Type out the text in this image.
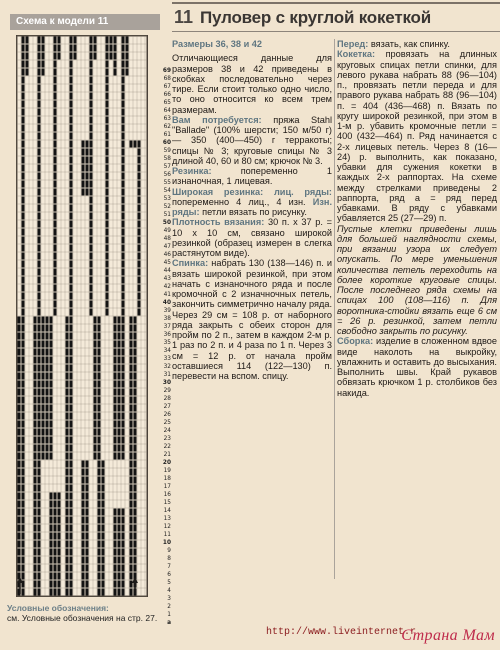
Схема к модели 11
69
68
67
66
65
64
63
62
61
60
59
58
57
56
55
54
53
52
51
50
49
48
47
46
45
44
43
42
41
40
39
38
37
36
35
34
33
32
31
30
29
28
27
26
25
24
23
22
21
20
19
18
17
16
15
14
13
12
11
10
9
8
7
6
5
4
3
2
1
a
Условные обозначения:
см. Условные обозначения на стр. 27.
11 Пуловер с круглой кокеткой
Размеры 36, 38 и 42

Отличающиеся данные для размеров 38 и 42 приведены в скобках последовательно через тире. Если стоит только одно число, то оно относится ко всем трем размерам.

Вам потребуется: пряжа Stahl "Ballade" (100% шерсти; 150 м/50 г) — 350 (400—450) г терракоты; спицы № 3; круговые спицы № 3 длиной 40, 60 и 80 см; крючок № 3.

Резинка:	попеременно 1 изнаночная, 1 лицевая.

Широкая резинка: лиц. ряды: попеременно 4 лиц., 4 изн. Изн. ряды: петли вязать по рисунку.

Плотность вязания: 30 п. х 37 р. = 10 х 10 см, связано широкой резинкой (образец измерен в слегка растянутом виде).

Спинка: набрать 130 (138—146) п. и вязать широкой резинкой, при этом начать с изнаночного ряда и после кромочной с 2 изначночных петель, закончить симметрично началу ряда. Через 29 см = 108 р. от наборного ряда закрыть с обеих сторон для пройм по 2 п., затем в каждом 2-м р. 1 раз по 2 п. и 4 раза по 1 п. Через 3 см = 12 р. от начала пройм оставшиеся 114 (122—130) п. перевести на вспом. спицу.

Перед: вязать, как спинку.

Кокетка: провязать на длинных круговых спицах петли спинки, для левого рукава набрать 88 (96—104) п., провязать петли переда и для правого рукава набрать 88 (96—104) п. = 404 (436—468) п. Вязать по кругу широкой резинкой, при этом в 1-м р. убавить кромочные петли = 400 (432—464) п. Ряд начинается с 2-х лицевых петель. Через 8 (16—24) р. выполнить, как показано, убавки для сужения кокетки в каждых 2-х раппортах. На схеме между стрелками приведены 2 раппорта, ряд а = ряд перед убавками. В ряду с убавками убавляется 25 (27—29) п.

Пустые клетки приведены лишь для большей наглядности схемы, при вязании узора их следует опускать. По мере уменьшения количества петель переходить на более короткие круговые спицы. После последнего ряда схемы на спицах 100 (108—116) п. Для воротника-стойки вязать еще 6 см = 26 р. резинкой, затем петли свободно закрыть по рисунку.

Сборка: изделие в сложенном вдвое виде наколоть на выкройку, увлажнить и оставить до высыхания. Выполнить швы. Край рукавов обвязать крючком 1 р. столбиков без накида.

http://www.liveinternet.r
Страна Мам
